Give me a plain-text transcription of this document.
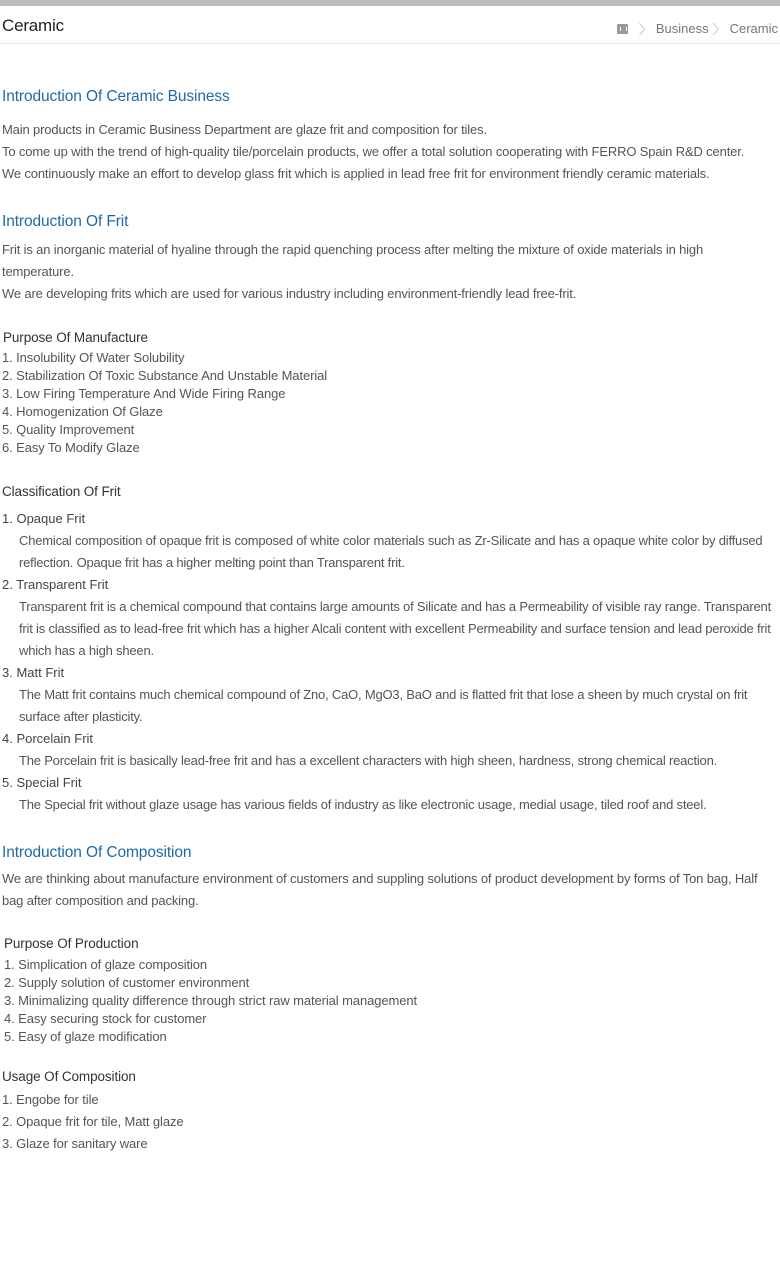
Ceramic	〉 Business 〉 Ceramic
Introduction Of Ceramic Business
Main products in Ceramic Business Department are glaze frit and composition for tiles.
To come up with the trend of high-quality tile/porcelain products, we offer a total solution cooperating with FERRO Spain R&D center.
We continuously make an effort to develop glass frit which is applied in lead free frit for environment friendly ceramic materials.
Introduction Of Frit
Frit is an inorganic material of hyaline through the rapid quenching process after melting the mixture of oxide materials in high temperature.
We are developing frits which are used for various industry including environment-friendly lead free-frit.
Purpose Of Manufacture
1. Insolubility Of Water Solubility
2. Stabilization Of Toxic Substance And Unstable Material
3. Low Firing Temperature And Wide Firing Range
4. Homogenization Of Glaze
5. Quality Improvement
6. Easy To Modify Glaze
Classification Of Frit
1. Opaque Frit
Chemical composition of opaque frit is composed of white color materials such as Zr-Silicate and has a opaque white color by diffused reflection. Opaque frit has a higher melting point than Transparent frit.
2. Transparent Frit
Transparent frit is a chemical compound that contains large amounts of Silicate and has a Permeability of visible ray range. Transparent frit is classified as to lead-free frit which has a higher Alcali content with excellent Permeability and surface tension and lead peroxide frit which has a high sheen.
3. Matt Frit
The Matt frit contains much chemical compound of Zno, CaO, MgO3, BaO and is flatted frit that lose a sheen by much crystal on frit surface after plasticity.
4. Porcelain Frit
The Porcelain frit is basically lead-free frit and has a excellent characters with high sheen, hardness, strong chemical reaction.
5. Special Frit
The Special frit without glaze usage has various fields of industry as like electronic usage, medial usage, tiled roof and steel.
Introduction Of Composition
We are thinking about manufacture environment of customers and suppling solutions of product development by forms of Ton bag, Half bag after composition and packing.
Purpose Of Production
1. Simplication of glaze composition
2. Supply solution of customer environment
3. Minimalizing quality difference through strict raw material management
4. Easy securing stock for customer
5. Easy of glaze modification
Usage Of Composition
1. Engobe for tile
2. Opaque frit for tile, Matt glaze
3. Glaze for sanitary ware
